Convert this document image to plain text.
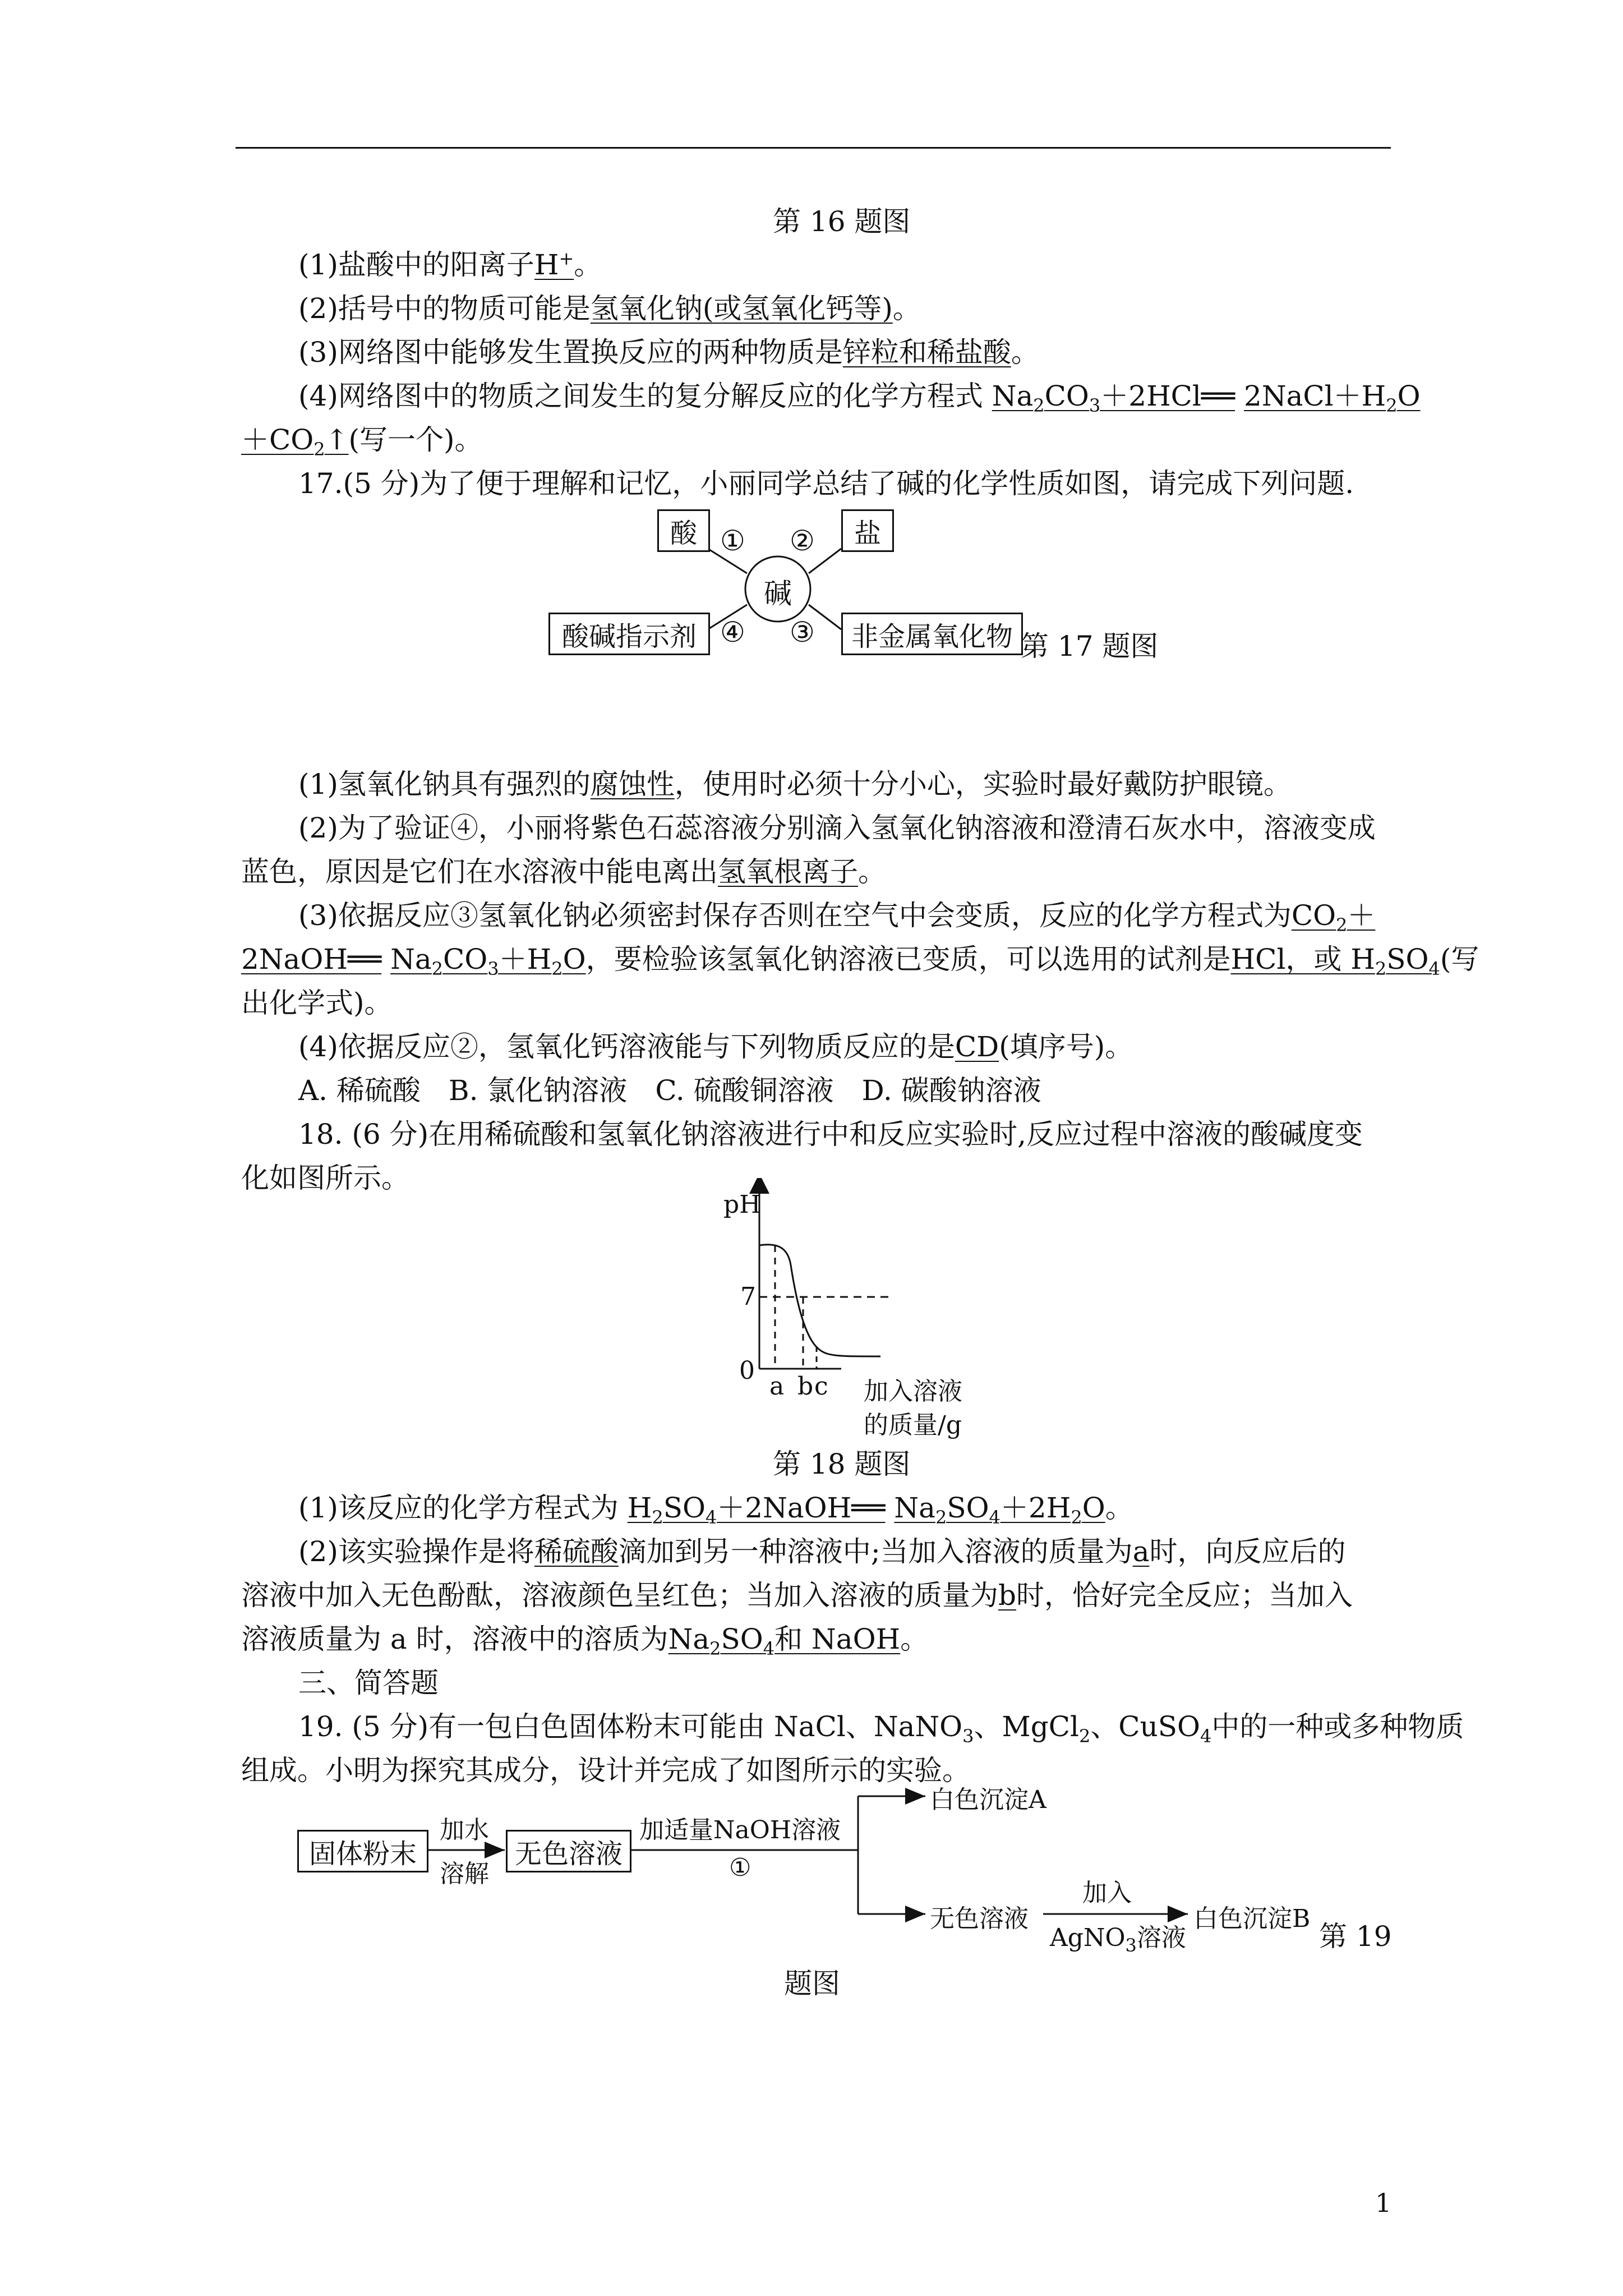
第 16 题图
(1)盐酸中的阳离子H+。
(2)括号中的物质可能是氢氧化钠(或氢氧化钙等)。
(3)网络图中能够发生置换反应的两种物质是锌粒和稀盐酸。
(4)网络图中的物质之间发生的复分解反应的化学方程式 $Na_2CO_3+2HCl══$ $2NaCl+H_2O$
$+CO_2↑$(写一个)。
17.(5 分)为了便于理解和记忆，小丽同学总结了碱的化学性质如图，请完成下列问题.
酸	盐
酸碱指示剂	非金属氧化物
① ②
③
④	第 17 题图
(1)氢氧化钠具有强烈的腐蚀性，使用时必须十分小心，实验时最好戴防护眼镜。
(2)为了验证④，小丽将紫色石蕊溶液分别滴入氢氧化钠溶液和澄清石灰水中，溶液变成
蓝色，原因是它们在水溶液中能电离出氢氧根离子。
(3)依据反应③氢氧化钠必须密封保存否则在空气中会变质，反应的化学方程式为$CO_2+$
2NaOH══ $Na_2CO_3+H_2O$，要检验该氢氧化钠溶液已变质，可以选用的试剂是HCl，或 $H_2SO_4$(写
出化学式)。
(4)依据反应②，氢氧化钙溶液能与下列物质反应的是CD(填序号)。
A. 稀硫酸　B. 氯化钠溶液　C. 硫酸铜溶液　D. 碳酸钠溶液
18. (6 分)在用稀硫酸和氢氧化钠溶液进行中和反应实验时,反应过程中溶液的酸碱度变
化如图所示。
pH
7
0
a b c 加入溶液
的质量/g
第 18 题图
(1)该反应的化学方程式为 $H_2SO_4+2NaOH══$ $Na_2SO_4+2H_2O$。
(2)该实验操作是将稀硫酸滴加到另一种溶液中;当加入溶液的质量为a时，向反应后的
溶液中加入无色酚酞，溶液颜色呈红色；当加入溶液的质量为b时，恰好完全反应；当加入
溶液质量为 a 时，溶液中的溶质为$Na_2SO_4$和 NaOH。
三、简答题
19. (5 分)有一包白色固体粉末可能由 NaCl、NaNO$_3$、MgCl$_2$、CuSO$_4$中的一种或多种物质
组成。小明为探究其成分，设计并完成了如图所示的实验。
固体粉末	无色溶液
加水
溶解
加适量NaOH溶液
①
白色沉淀A
无色溶液
加入
AgNO$_3$溶液
白色沉淀B
第 19
题图
1
碱
